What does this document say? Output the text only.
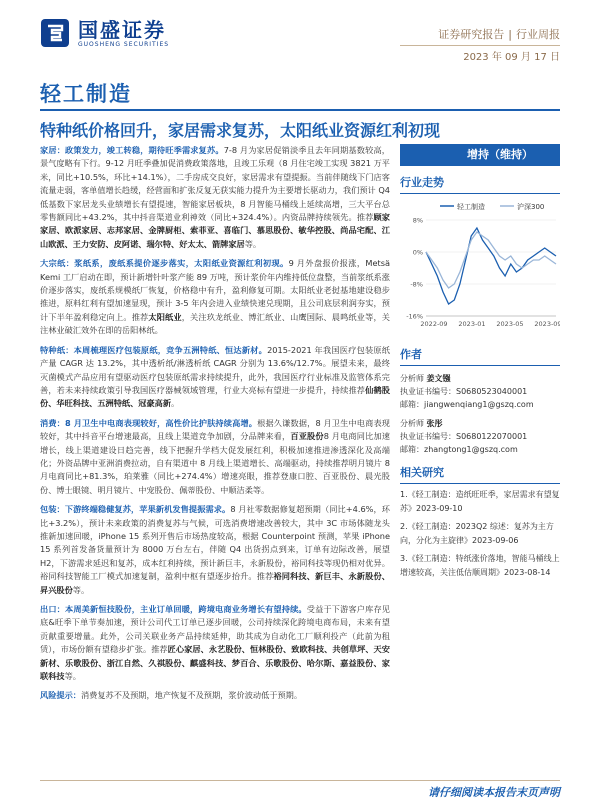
国盛证券
GUOSHENG SECURITIES
证券研究报告 | 行业周报
2023 年 09 月 17 日
轻工制造
特种纸价格回升，家居需求复苏，太阳纸业资源红利初现

家居：政策发力，竣工转稳，期待旺季需求复苏。7-8 月为家居促销淡季且去年同期基数较高，景气度略有下行。9-12 月旺季叠加促消费政策落地，且竣工乐观（8 月住宅竣工实现 3821 万平米，同比+10.5%，环比+14.1%），二手房成交良好，家居需求有望提振。当前伴随线下门店客流量走弱，客单值增长趋缓，经营面和扩张反复无获实能力提升为主要增长驱动力，我们预计 Q4 低基数下家居龙头业绩增长有望提速，智能家居板块，8 月智能马桶线上延续高增，三大平台总零售额同比+43.2%，其中抖音渠道业利神效（同比+324.4%）。内资品牌持续领先。推荐顾家家居、欧派家居、志邦家居、金牌厨柜、索菲亚、喜临门、慕思股份、敏华控股、尚品宅配、江山欧派、王力安防、皮阿诺、瑞尔特、好太太、箭牌家居等。

大宗纸：浆纸系，废纸系提价逐步落实，太阳纸业资源红利初现。9 月外盘报价报涨，Metsä Kemi 工厂启动在即，预计新增针叶浆产能 89 万吨，预计浆价年内维持低位盘整，当前浆纸系涨价逐步落实，废纸系规模纸厂恢复，价格稳中有升，盈利修复可期。太阳纸业老挝基地建设稳步推进，原料红利有望加速显现，预计 3-5 年内会进入业绩快速兑现期，且公司底层利润夯实，预计下半年盈利稳定向上。推荐太阳纸业，关注玖龙纸业、博汇纸业、山鹰国际、晨鸣纸业等，关注林业破汇效外在即的岳阳林纸。

特种纸：本周梳理医疗包装原纸，竞争五洲特纸、恒达新材。2015-2021 年我国医疗包装原纸产量 CAGR 达 13.2%，其中透析纸/淋透析纸 CAGR 分别为 13.6%/12.7%。展望未来，最终灭菌模式产品应用有望驱动医疗包装原纸需求持续提升，此外，我国医疗行业标准及监管体系完善，若未来持续政策引导我国医疗器械领域管理，行业大亮标有望进一步提升，持续推荐仙鹤股份、华旺科技、五洲特纸、冠豪高新。

消费：8 月卫生中电商表现较好，高性价比护肤持续高增。根据久谦数据，8 月卫生中电商表现较好，其中抖音平台增速最高，且线上渠道竞争加剧，分品牌来看，百亚股份8 月电商同比加速增长，线上渠道建设日趋完善，线下把握升学档大促发展红利，积极加速推进渗透深化及高端化；外资品牌中亚洲消费拉动，自有渠道中 8 月线上渠道增长、高端驱动，持续推荐明月镜片 8 月电商同比+81.3%，珀莱雅（同比+274.4%）增速亮眼，推荐登康口腔、百亚股份、晨光股份、博士眼镜、明月镜片、中宠股份、佩蒂股份、中顺洁柔等。

包装：下游终端稳健复苏，苹果新机发售提振需求。8 月社零数据修复超预期（同比+4.6%，环比+3.2%），预计未来政策的消费复苏与气候，可选消费增速改善较大，其中 3C 市场体随龙头推新加速回暖，iPhone 15 系列开售后市场热度较高，根据 Counterpoint 预测，苹果 iPhone 15 系列首发备货量预计为 8000 万台左右，伴随 Q4 出货拐点到来，订单有边际改善，展望 H2，下游需求延迟和复苏，成本红利持续，预计新巨丰，永新股份，裕同科技等现仍相对优异。裕同科技智能工厂模式加速复制，盈利中枢有望逐步抬升。推荐裕同科技、新巨丰、永新股份、昇兴股份等。

出口：本周美新恒技股份，主业订单回暖，跨境电商业务增长有望持续。受益于下游客户库存见底&旺季下单节奏加速，预计公司代工订单已逐步回暖，公司持续深化跨境电商布局，未来有望贡献重要增量。此外，公司关联业务产品持续延伸，助其成为自动化工厂顺利投产（此前为租赁），市场份额有望稳步扩张。推荐匠心家居、永艺股份、恒林股份、致欧科技、共创草坪、天安新材、乐歌股份、浙江自然、久祺股份、麒盛科技、梦百合、乐歌股份、哈尔斯、嘉益股份、家联科技等。

风险提示：消费复苏不及预期，地产恢复不及预期，浆价波动低于预期。

增持（维持）
行业走势
轻工制造	沪深300
8%
0%
-8%
-16%
2022-09 2023-01 2023-05 2023-09
作者
分析师 姜文镪
执业证书编号：S0680523040001
邮箱：jiangwenqiang1@gszq.com
分析师 张彤
执业证书编号：S0680122070001
邮箱：zhangtong1@gszq.com
相关研究

1.《轻工制造：造纸旺旺季，家居需求有望复苏》2023-09-10

2.《轻工制造：2023Q2 综述：复苏为主方向，分化为主旋律》2023-09-06

3.《轻工制造：特纸涨价落地，智能马桶线上增速较高，关注低估顺周期》2023-08-14

请仔细阅读本报告末页声明
